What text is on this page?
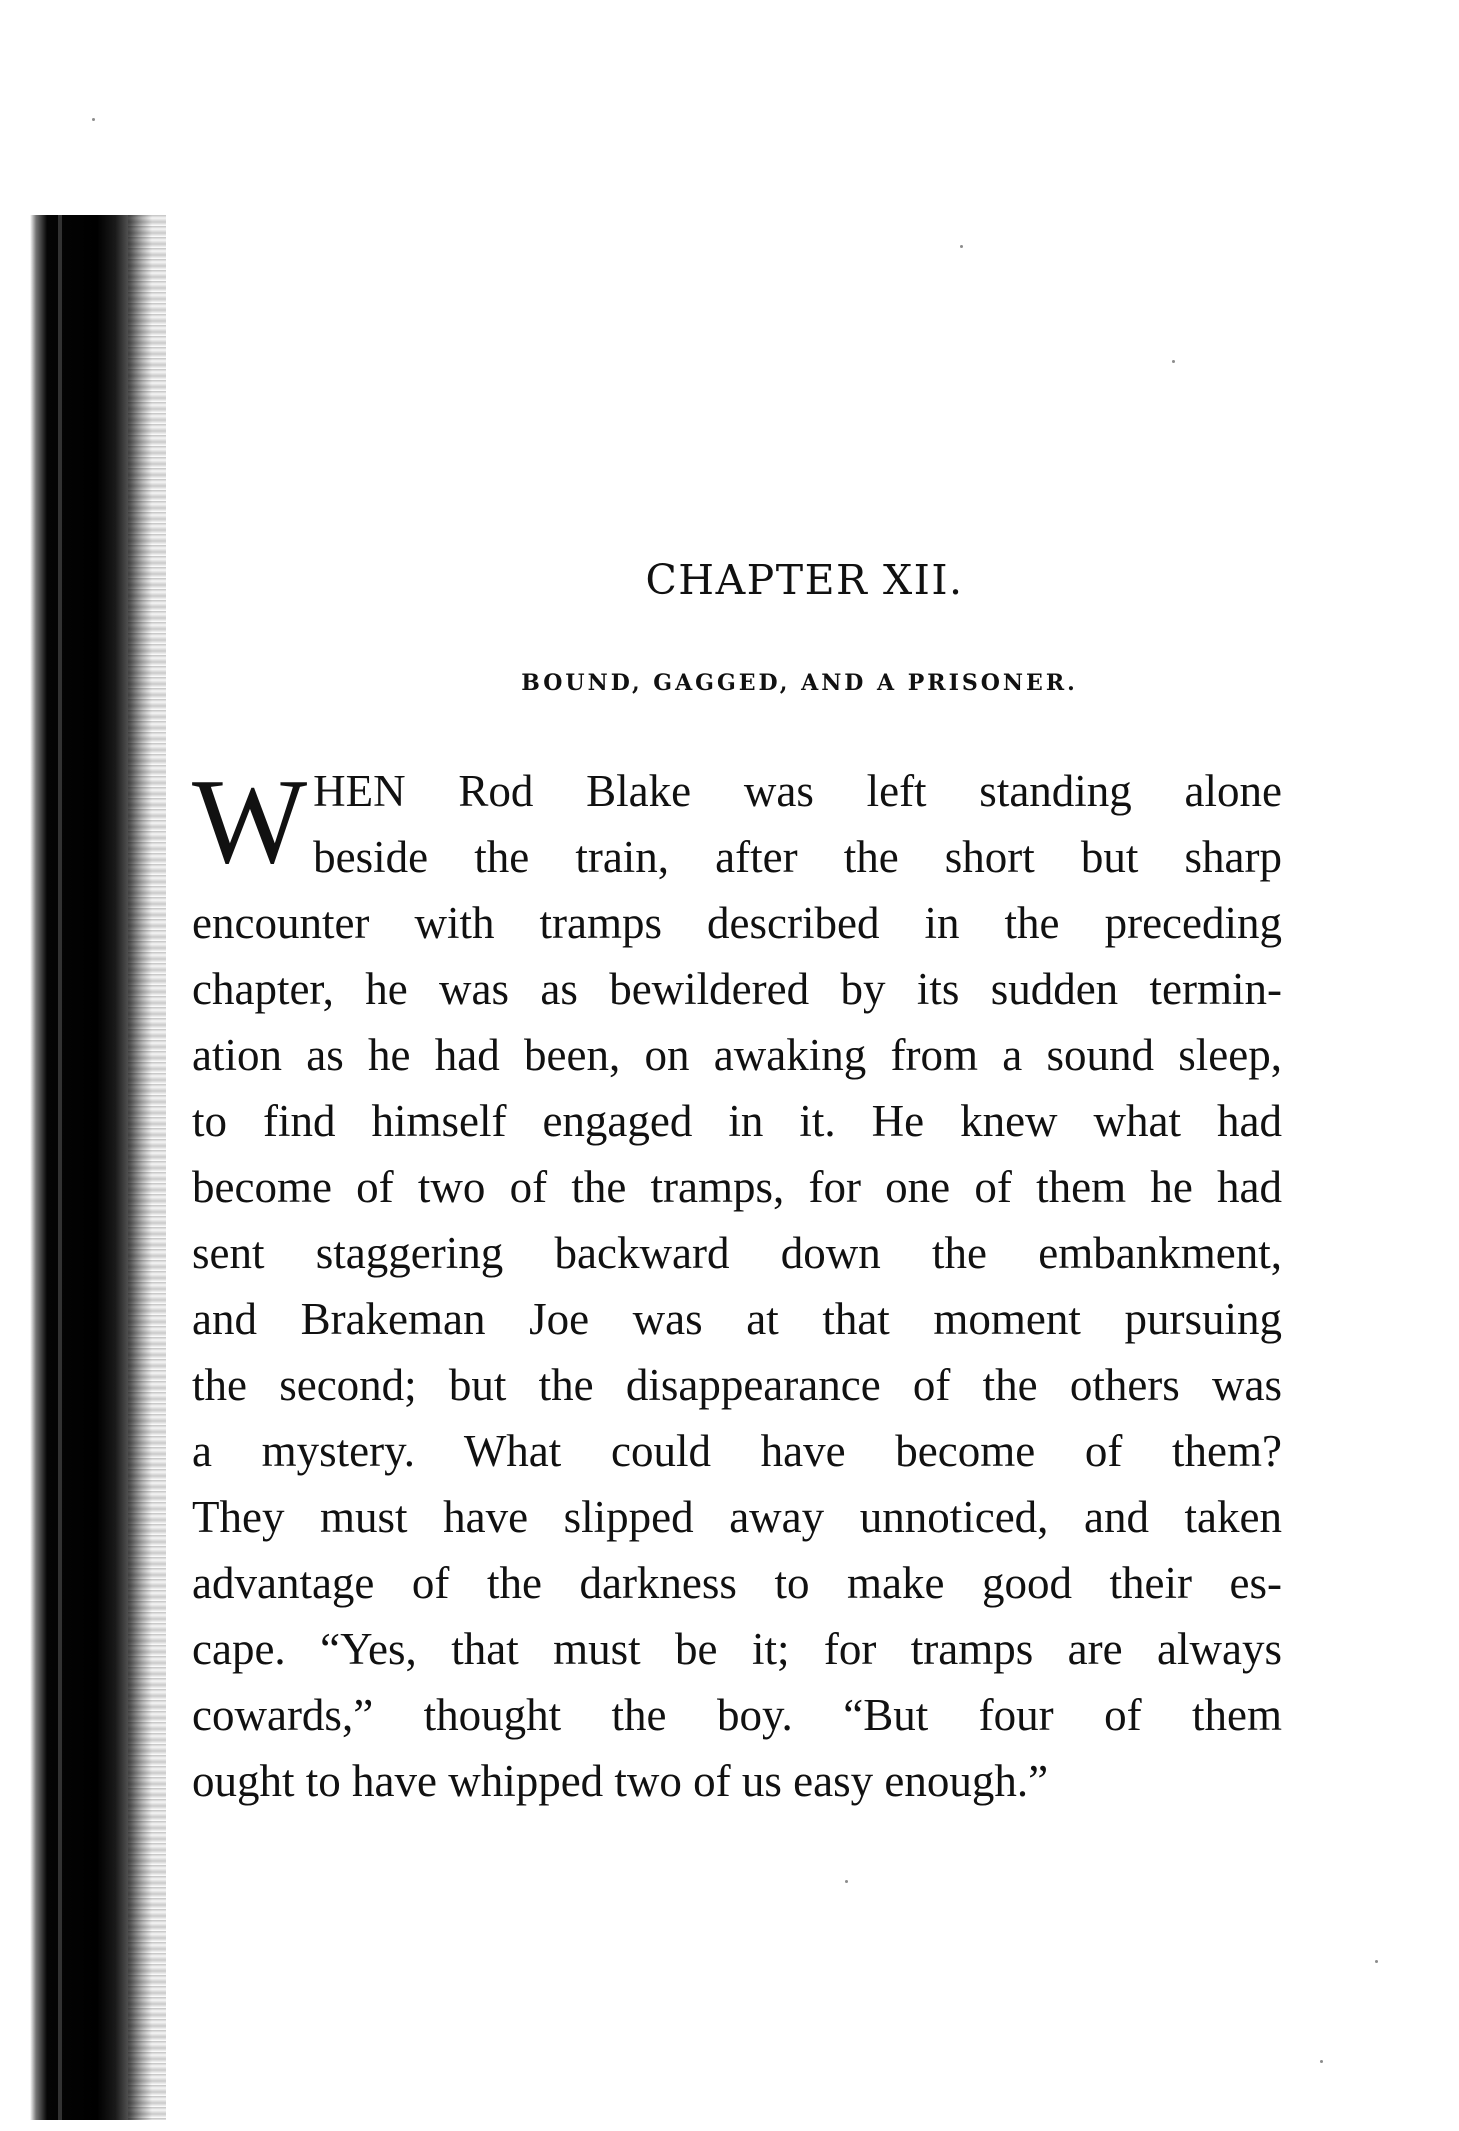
CHAPTER XII.
BOUND, GAGGED, AND A PRISONER.
W HEN Rod Blake was left standing alone
beside the train, after the short but sharp
encounter with tramps described in the preceding
chapter, he was as bewildered by its sudden termin-
ation as he had been, on awaking from a sound sleep,
to find himself engaged in it. He knew what had
become of two of the tramps, for one of them he had
sent staggering backward down the embankment,
and Brakeman Joe was at that moment pursuing
the second; but the disappearance of the others was
a mystery. What could have become of them?
They must have slipped away unnoticed, and taken
advantage of the darkness to make good their es-
cape. “Yes, that must be it; for tramps are always
cowards,” thought the boy. “But four of them
ought to have whipped two of us easy enough.”
